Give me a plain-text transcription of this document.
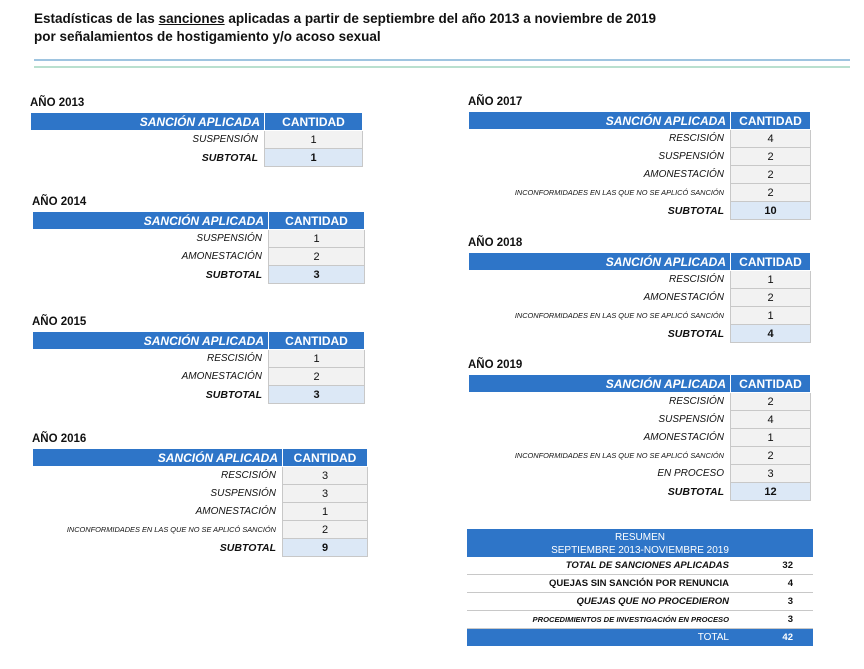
Estadísticas de las sanciones aplicadas a partir de septiembre del año 2013 a noviembre de 2019
por señalamientos de hostigamiento y/o acoso sexual
AÑO 2013
SANCIÓN APLICADA	CANTIDAD
SUSPENSIÓN	1
SUBTOTAL	1
AÑO 2014
SANCIÓN APLICADA	CANTIDAD
SUSPENSIÓN	1
AMONESTACIÓN	2
SUBTOTAL	3
AÑO 2015
SANCIÓN APLICADA	CANTIDAD
RESCISIÓN	1
AMONESTACIÓN	2
SUBTOTAL	3
AÑO 2016
SANCIÓN APLICADA	CANTIDAD
RESCISIÓN	3
SUSPENSIÓN	3
AMONESTACIÓN	1
INCONFORMIDADES EN LAS QUE NO SE APLICÓ SANCIÓN	2
SUBTOTAL	9
AÑO 2017
SANCIÓN APLICADA	CANTIDAD
RESCISIÓN	4
SUSPENSIÓN	2
AMONESTACIÓN	2
INCONFORMIDADES EN LAS QUE NO SE APLICÓ SANCIÓN	2
SUBTOTAL	10
AÑO 2018
SANCIÓN APLICADA	CANTIDAD
RESCISIÓN	1
AMONESTACIÓN	2
INCONFORMIDADES EN LAS QUE NO SE APLICÓ SANCIÓN	1
SUBTOTAL	4
AÑO 2019
SANCIÓN APLICADA	CANTIDAD
RESCISIÓN	2
SUSPENSIÓN	4
AMONESTACIÓN	1
INCONFORMIDADES EN LAS QUE NO SE APLICÓ SANCIÓN	2
EN PROCESO	3
SUBTOTAL	12
RESUMEN
SEPTIEMBRE 2013-NOVIEMBRE 2019
TOTAL DE SANCIONES APLICADAS	32
QUEJAS SIN SANCIÓN POR RENUNCIA	4
QUEJAS QUE NO PROCEDIERON	3
PROCEDIMIENTOS DE INVESTIGACIÓN EN PROCESO	3
TOTAL	42
